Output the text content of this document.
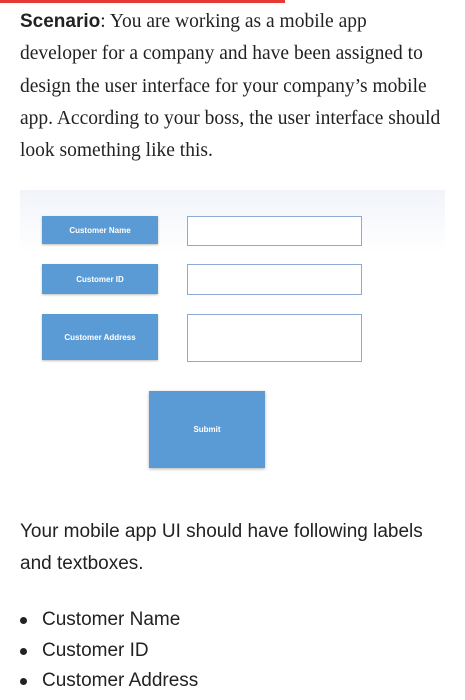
Scenario: You are working as a mobile app developer for a company and have been assigned to design the user interface for your company’s mobile app. According to your boss, the user interface should look something like this.

Customer Name
Customer ID
Customer Address
Submit

Your mobile app UI should have following labels and textboxes.

Customer Name
Customer ID
Customer Address
